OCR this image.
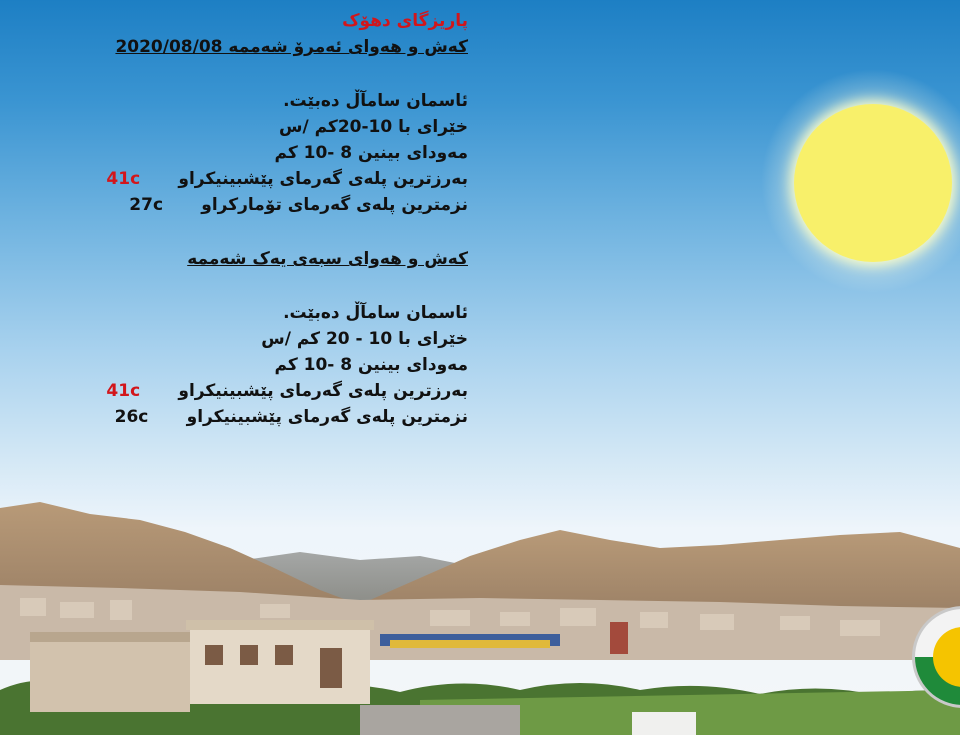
پاریزگای دهۆک
کەش و هەوای ئەمرۆ شەممە 2020/08/08
ئاسمان سامآڵ دەبێت.
خێرای با 10-20کم /س
مەودای بینین 8 -10 کم
بەرزترین پلەی گەرمای پێشبینیکراو41c
نزمترین پلەی گەرمای تۆمارکراو27c
کەش و هەوای سبەی یەک شەممە
ئاسمان سامآڵ دەبێت.
خێرای با 10 - 20 کم /س
مەودای بینین 8 -10 کم
بەرزترین پلەی گەرمای پێشبینیکراو41c
نزمترین پلەی گەرمای پێشبینیکراو26c
